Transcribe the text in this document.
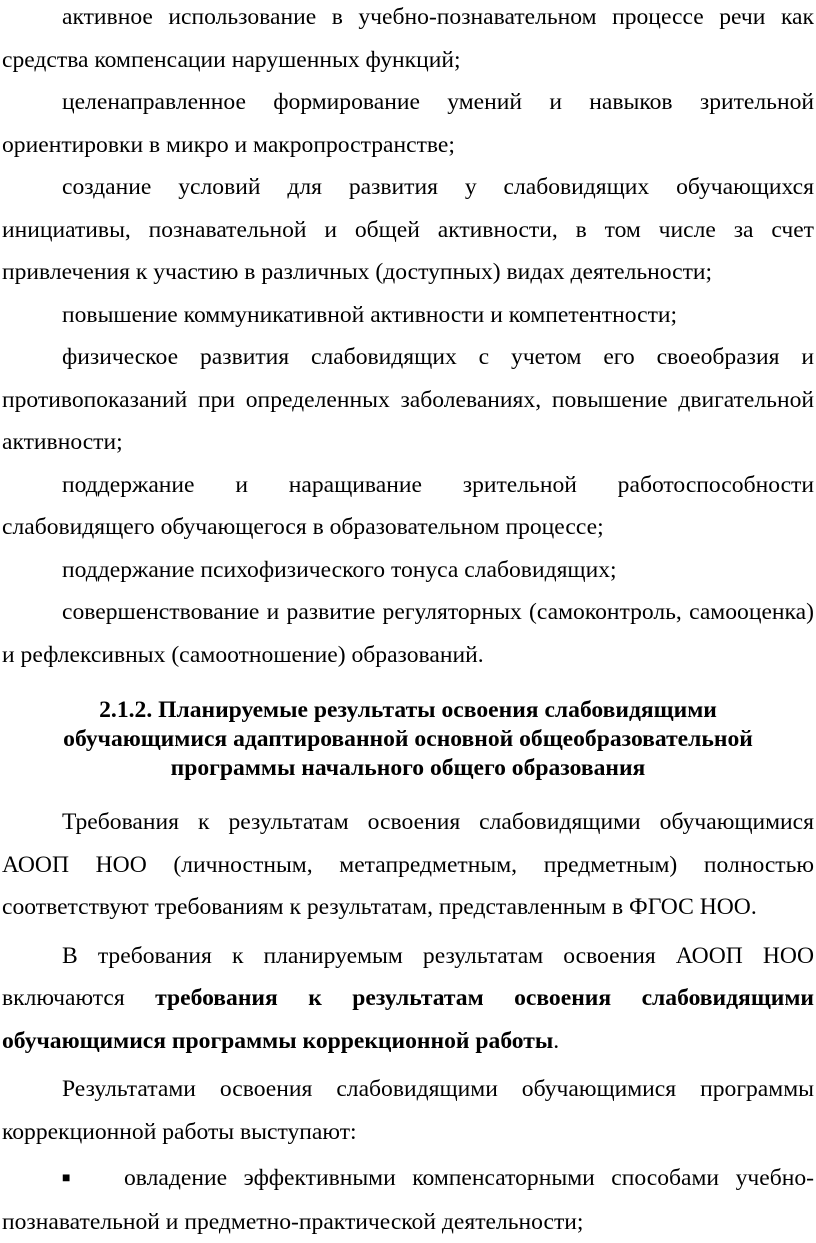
активное использование в учебно-познавательном процессе речи как средства компенсации нарушенных функций;

целенаправленное формирование умений и навыков зрительной ориентировки в микро и макропространстве;

создание условий для развития у слабовидящих обучающихся инициативы, познавательной и общей активности, в том числе за счет привлечения к участию в различных (доступных) видах деятельности;

повышение коммуникативной активности и компетентности;

физическое развития слабовидящих с учетом его своеобразия и противопоказаний при определенных заболеваниях, повышение двигательной активности;

поддержание и наращивание зрительной работоспособности слабовидящего обучающегося в образовательном процессе;

поддержание психофизического тонуса слабовидящих;

совершенствование и развитие регуляторных (самоконтроль, самооценка) и рефлексивных (самоотношение) образований.

2.1.2. Планируемые результаты освоения слабовидящими
обучающимися адаптированной основной общеобразовательной
программы начального общего образования

Требования к результатам освоения слабовидящими обучающимися АООП НОО (личностным, метапредметным, предметным) полностью соответствуют требованиям к результатам, представленным в ФГОС НОО.

В требования к планируемым результатам освоения АООП НОО включаются требования к результатам освоения слабовидящими обучающимися программы коррекционной работы.

Результатами освоения слабовидящими обучающимися программы коррекционной работы выступают:

■ овладение эффективными компенсаторными способами учебно-познавательной и предметно-практической деятельности;
